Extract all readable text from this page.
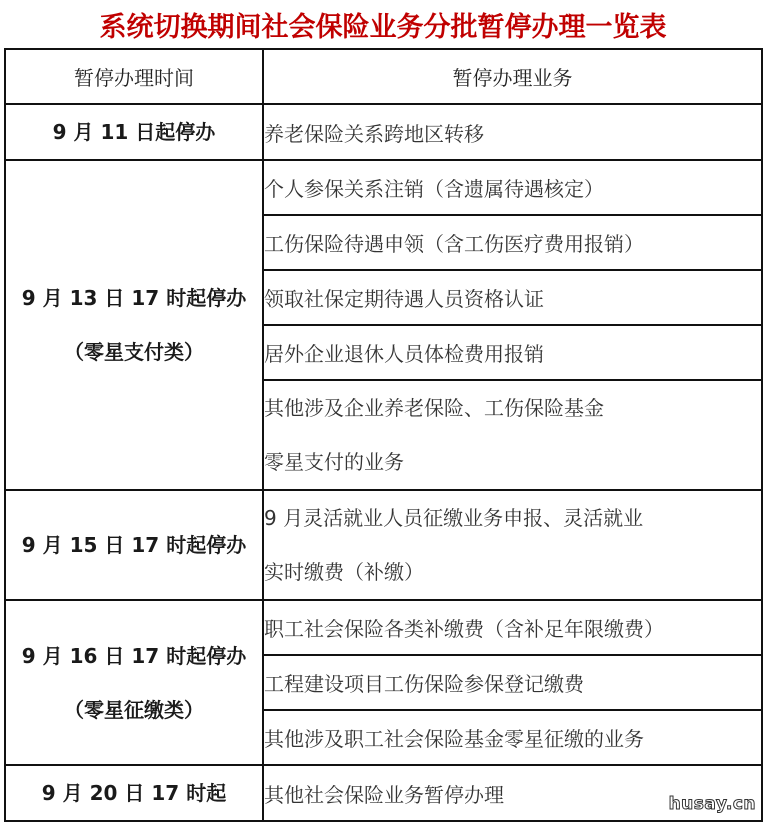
系统切换期间社会保险业务分批暂停办理一览表
暂停办理时间	暂停办理业务
9 月 11 日起停办	养老保险关系跨地区转移

9 月 13 日 17 时起停办
（零星支付类）	个人参保关系注销（含遗属待遇核定）
	工伤保险待遇申领（含工伤医疗费用报销）
	领取社保定期待遇人员资格认证
	居外企业退休人员体检费用报销

	其他涉及企业养老保险、工伤保险基金
零星支付的业务

9 月 15 日 17 时起停办	9 月灵活就业人员征缴业务申报、灵活就业
实时缴费（补缴）

9 月 16 日 17 时起停办
（零星征缴类）	职工社会保险各类补缴费（含补足年限缴费）
	工程建设项目工伤保险参保登记缴费
	其他涉及职工社会保险基金零星征缴的业务
9 月 20 日 17 时起	其他社会保险业务暂停办理	husay.cn
